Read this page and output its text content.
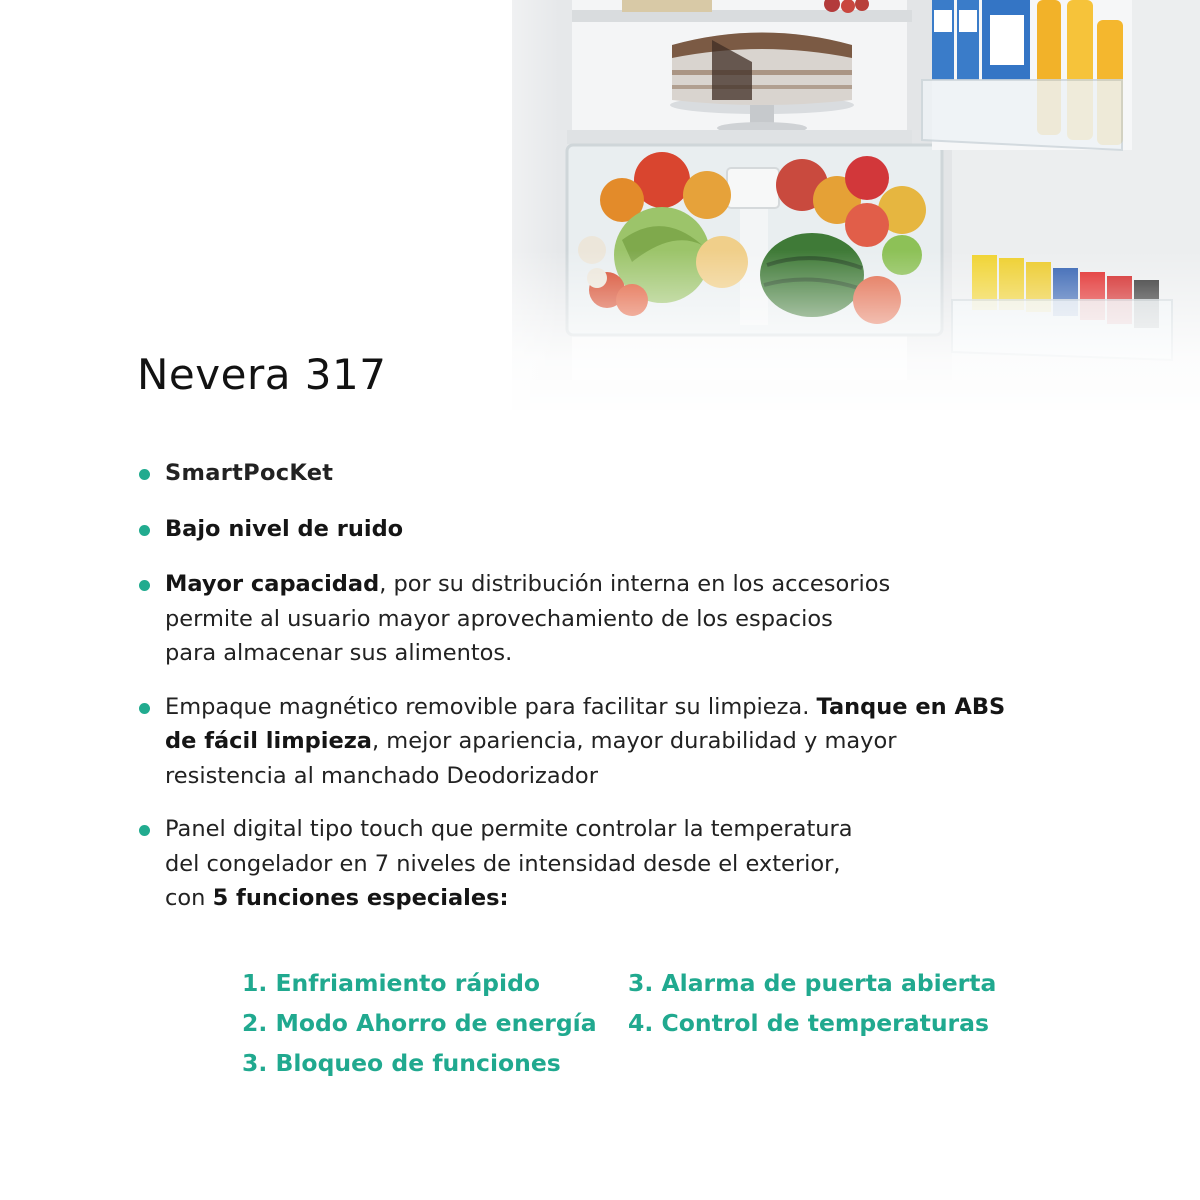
Nevera 317
SmartPocKet
Bajo nivel de ruido
Mayor capacidad, por su distribución interna en los accesorios
permite al usuario mayor aprovechamiento de los espacios
para almacenar sus alimentos.
Empaque magnético removible para facilitar su limpieza. Tanque en ABS
de fácil limpieza, mejor apariencia, mayor durabilidad y mayor
resistencia al manchado Deodorizador
Panel digital tipo touch que permite controlar la temperatura
del congelador en 7 niveles de intensidad desde el exterior,
con 5 funciones especiales:
1. Enfriamiento rápido	3. Alarma de puerta abierta
2. Modo Ahorro de energía	4. Control de temperaturas
3. Bloqueo de funciones
